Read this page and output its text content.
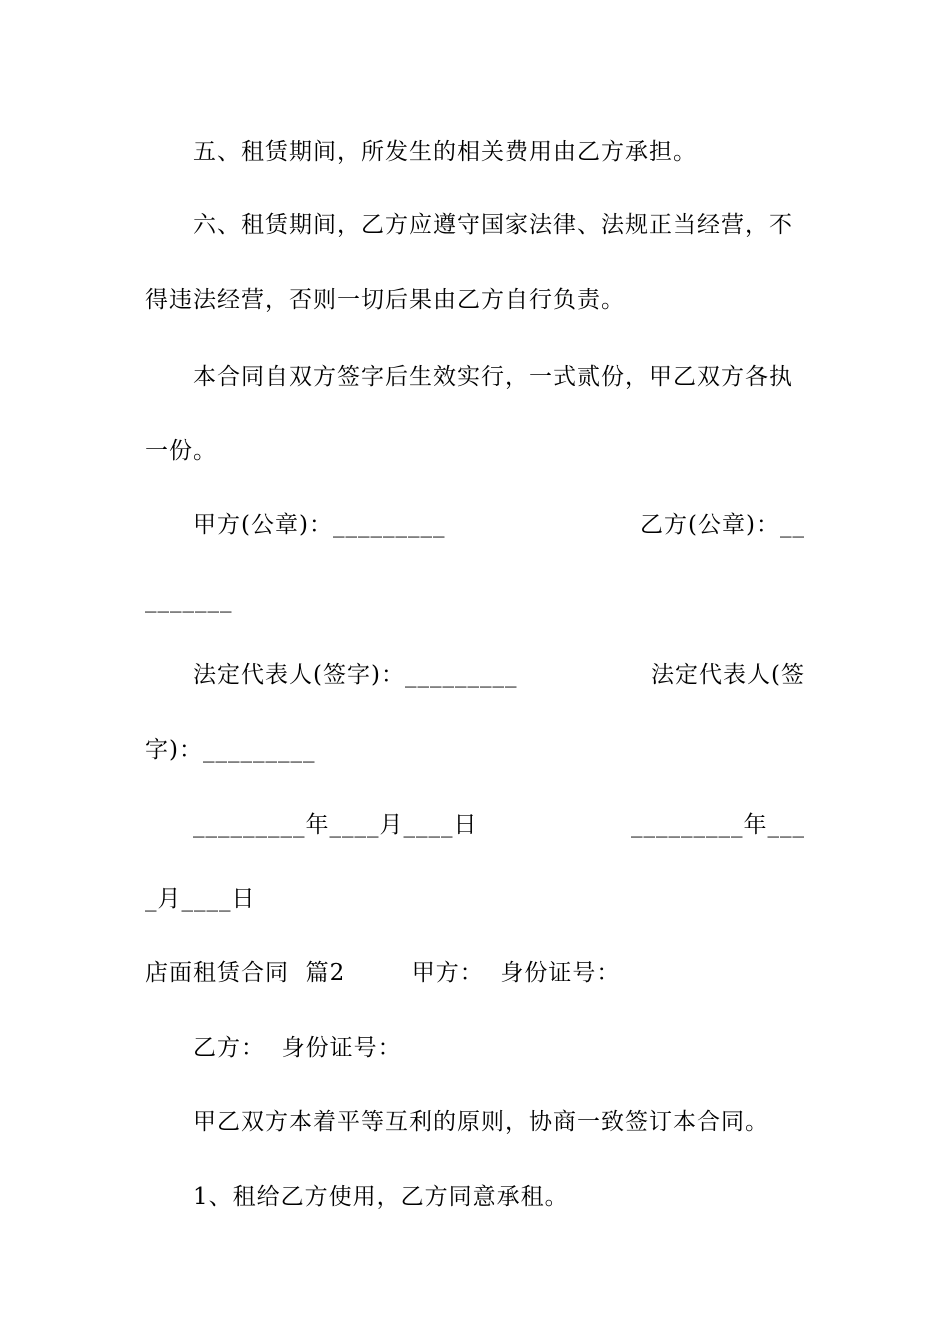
五、租赁期间，所发生的相关费用由乙方承担。
六、租赁期间，乙方应遵守国家法律、法规正当经营，不
得违法经营，否则一切后果由乙方自行负责。
本合同自双方签字后生效实行，一式贰份，甲乙双方各执
一份。
甲方(公章)：_________	乙方(公章)：__
_______
法定代表人(签字)：_________	法定代表人(签
字)：_________
_________年____月____日	_________年___
_月____日
店面租赁合同  篇2        甲方：  身份证号：
乙方：  身份证号：
甲乙双方本着平等互利的原则，协商一致签订本合同。
1、租给乙方使用，乙方同意承租。
